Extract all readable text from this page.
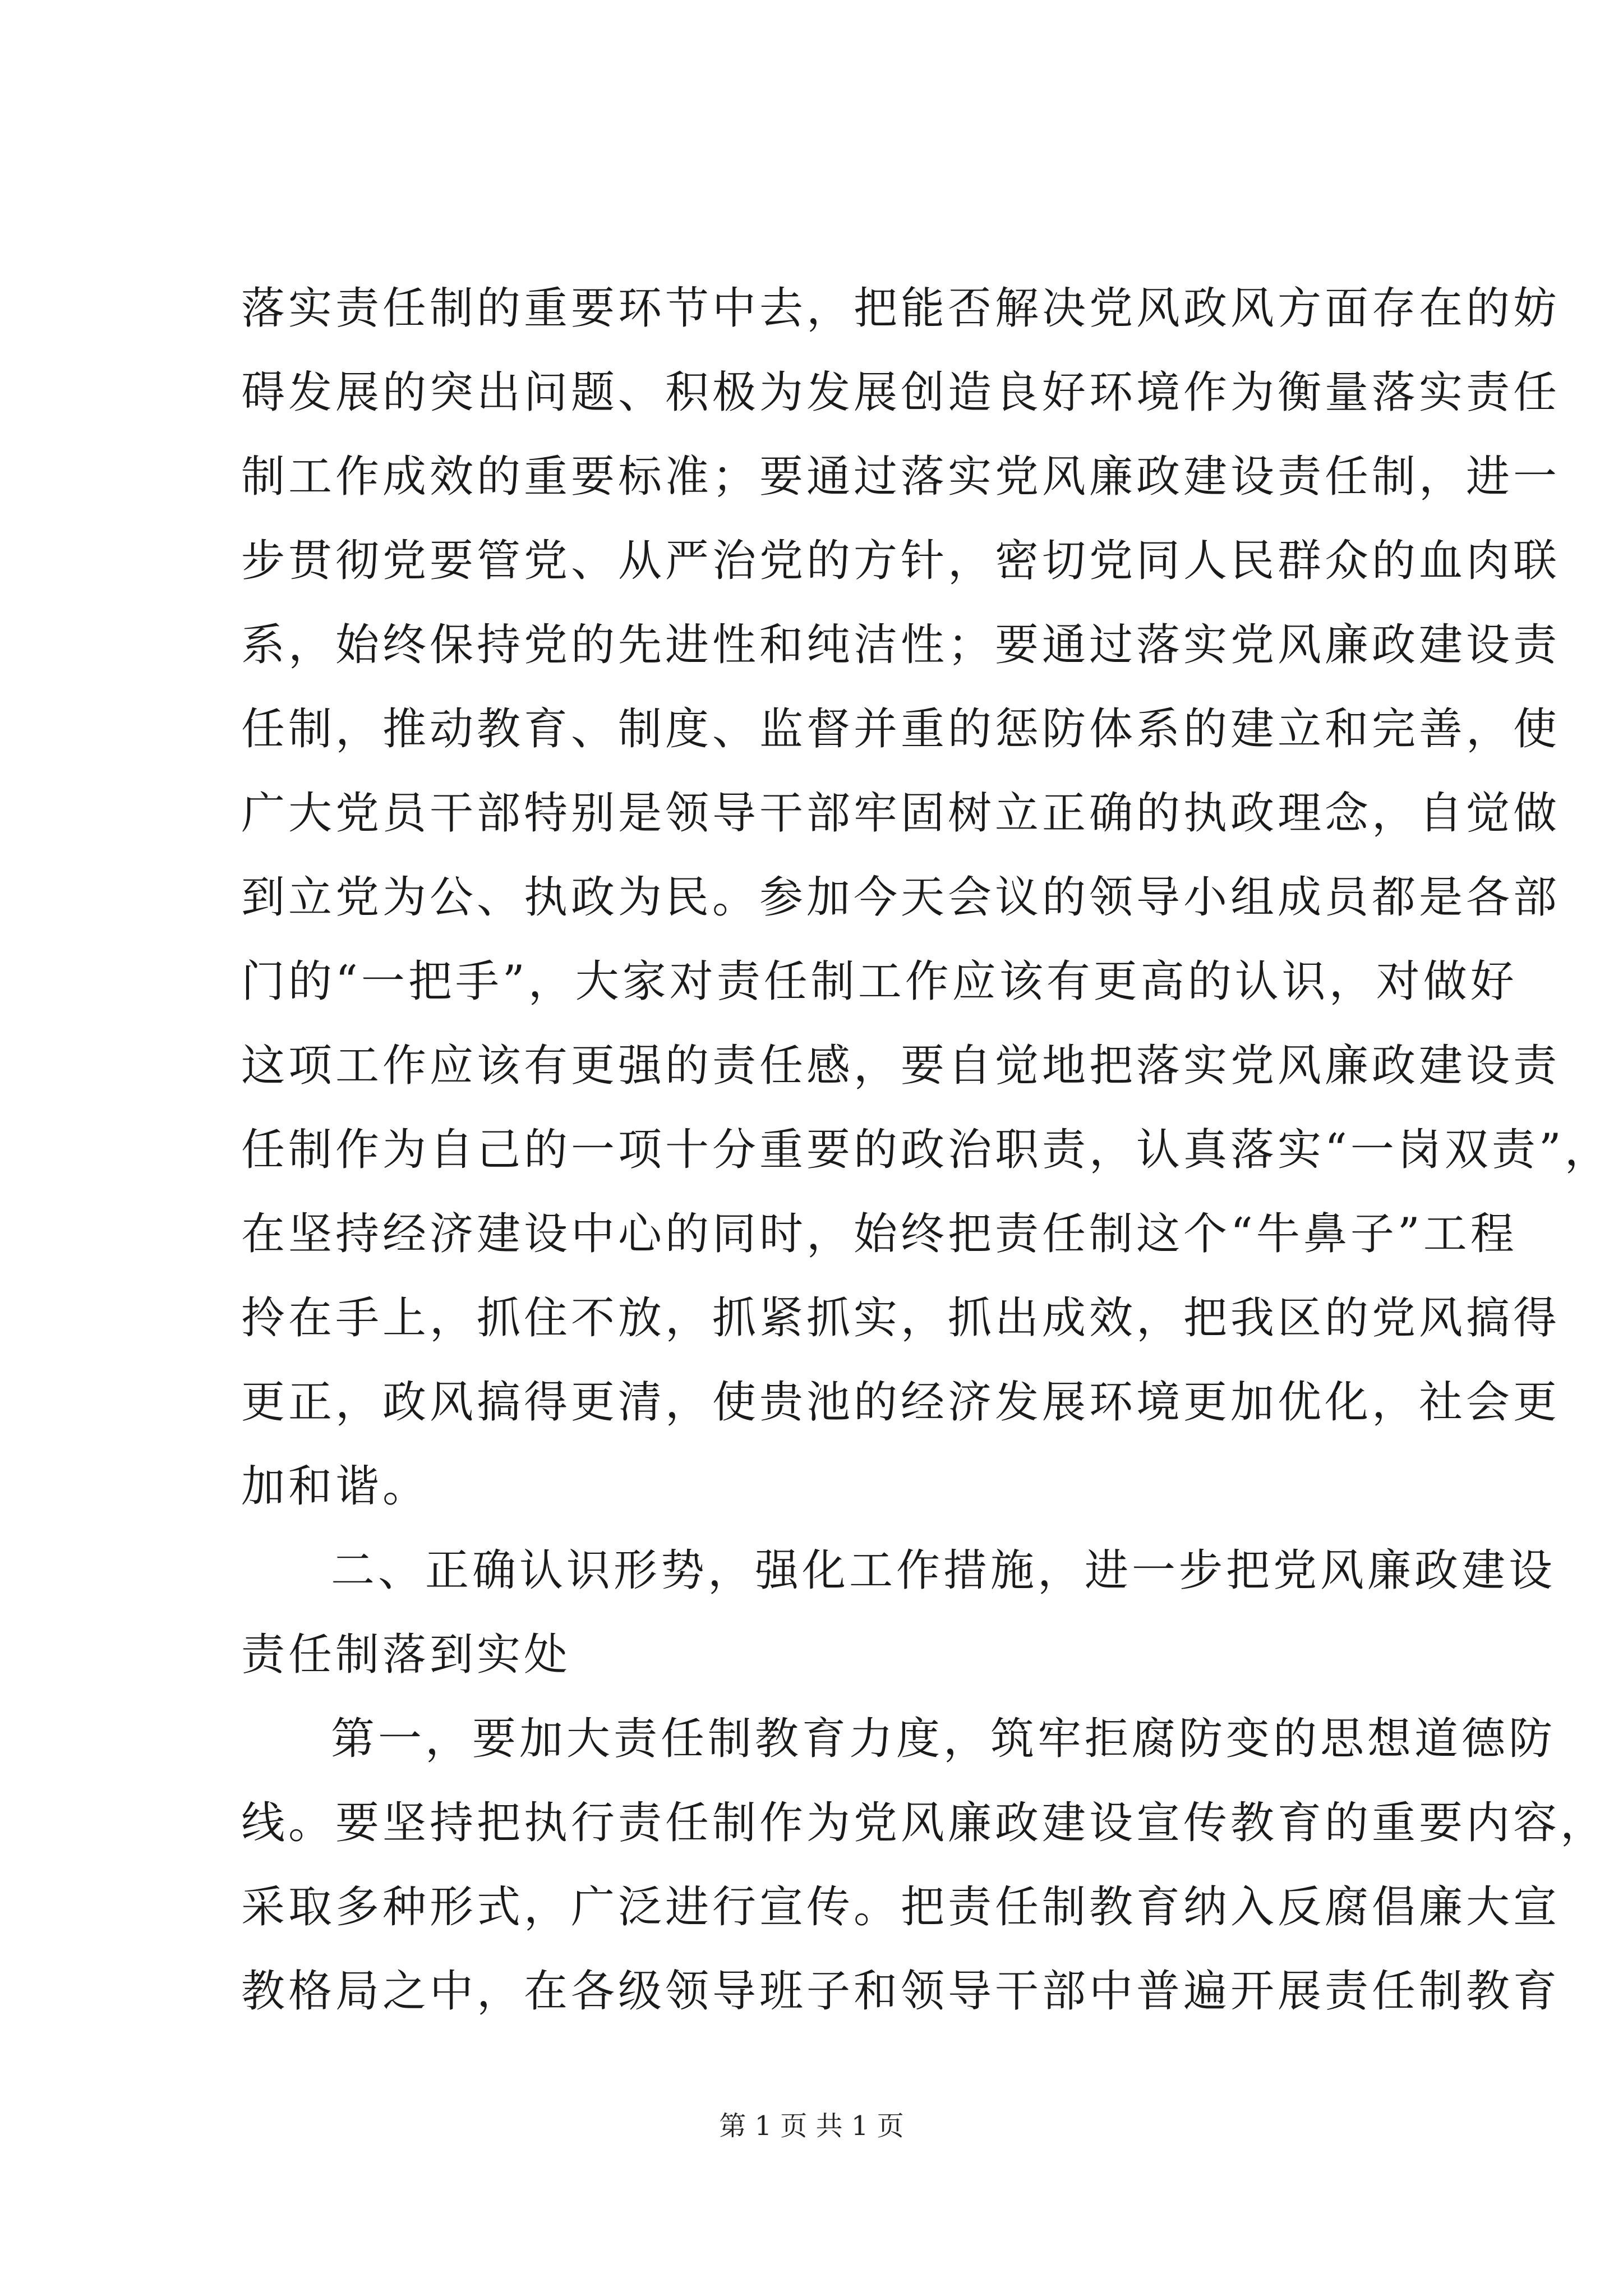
落实责任制的重要环节中去，把能否解决党风政风方面存在的妨
碍发展的突出问题、积极为发展创造良好环境作为衡量落实责任
制工作成效的重要标准；要通过落实党风廉政建设责任制，进一
步贯彻党要管党、从严治党的方针，密切党同人民群众的血肉联
系，始终保持党的先进性和纯洁性；要通过落实党风廉政建设责
任制，推动教育、制度、监督并重的惩防体系的建立和完善，使
广大党员干部特别是领导干部牢固树立正确的执政理念，自觉做
到立党为公、执政为民。参加今天会议的领导小组成员都是各部
门的“一把手”，大家对责任制工作应该有更高的认识，对做好
这项工作应该有更强的责任感，要自觉地把落实党风廉政建设责
任制作为自己的一项十分重要的政治职责，认真落实“一岗双责”，
在坚持经济建设中心的同时，始终把责任制这个“牛鼻子”工程
拎在手上，抓住不放，抓紧抓实，抓出成效，把我区的党风搞得
更正，政风搞得更清，使贵池的经济发展环境更加优化，社会更
加和谐。
二、正确认识形势，强化工作措施，进一步把党风廉政建设
责任制落到实处
第一，要加大责任制教育力度，筑牢拒腐防变的思想道德防
线。要坚持把执行责任制作为党风廉政建设宣传教育的重要内容，
采取多种形式，广泛进行宣传。把责任制教育纳入反腐倡廉大宣
教格局之中，在各级领导班子和领导干部中普遍开展责任制教育
第 1 页 共 1 页
